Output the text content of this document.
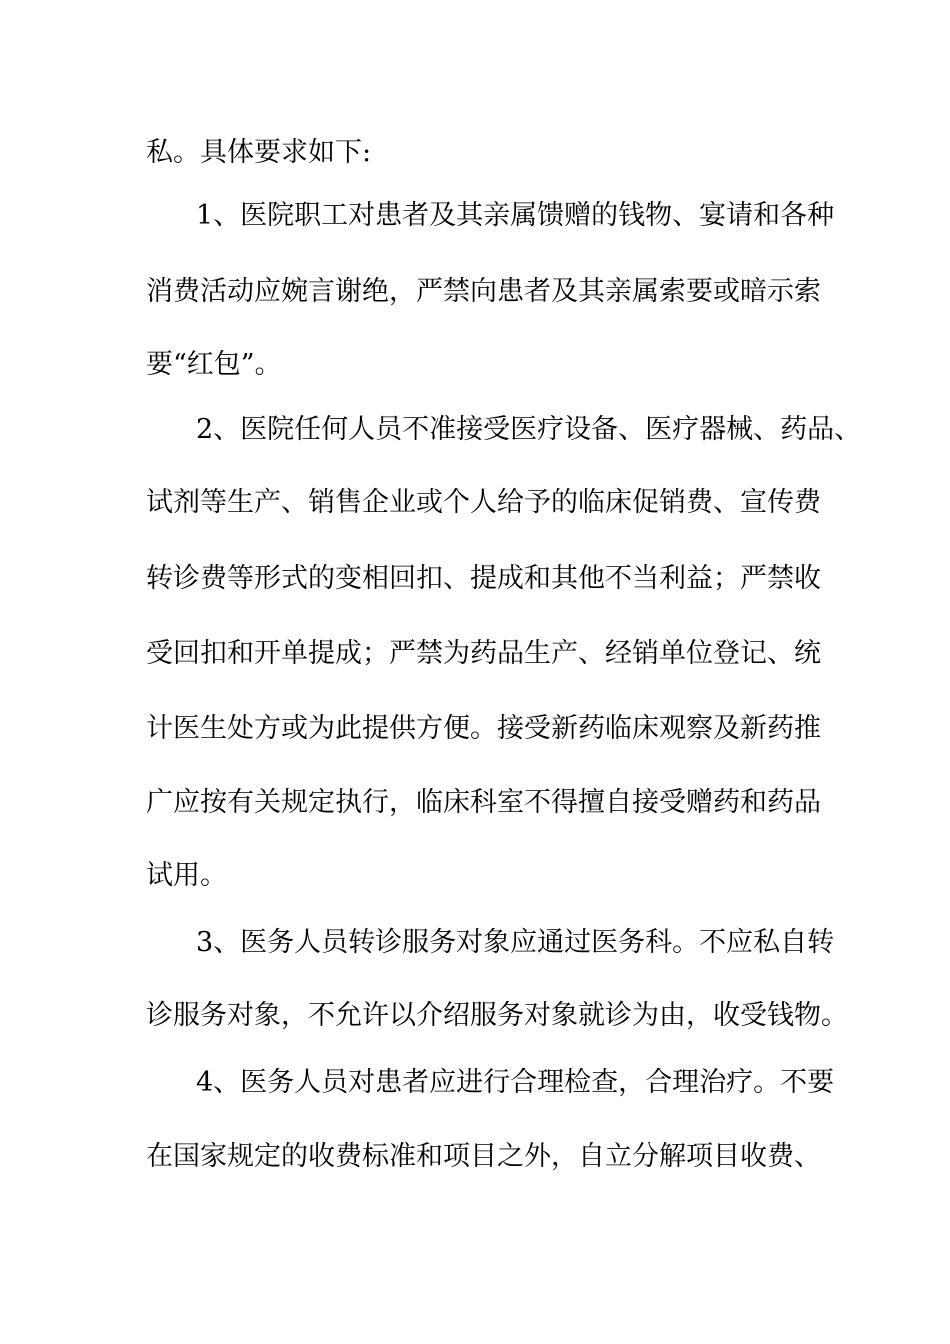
私。具体要求如下:
1、医院职工对患者及其亲属馈赠的钱物、宴请和各种
消费活动应婉言谢绝，严禁向患者及其亲属索要或暗示索
要“红包”。
2、医院任何人员不准接受医疗设备、医疗器械、药品、
试剂等生产、销售企业或个人给予的临床促销费、宣传费
转诊费等形式的变相回扣、提成和其他不当利益；严禁收
受回扣和开单提成；严禁为药品生产、经销单位登记、统
计医生处方或为此提供方便。接受新药临床观察及新药推
广应按有关规定执行，临床科室不得擅自接受赠药和药品
试用。
3、医务人员转诊服务对象应通过医务科。不应私自转
诊服务对象，不允许以介绍服务对象就诊为由，收受钱物。
4、医务人员对患者应进行合理检查，合理治疗。不要
在国家规定的收费标准和项目之外，自立分解项目收费、
